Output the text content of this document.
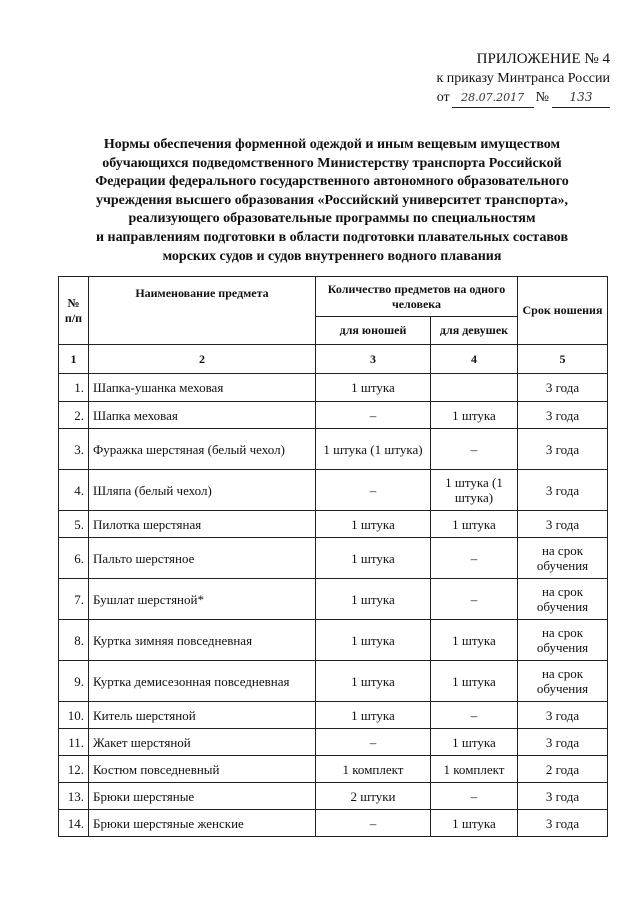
ПРИЛОЖЕНИЕ № 4
к приказу Минтранса России
от	28.07.2017 №	133
Нормы обеспечения форменной одеждой и иным вещевым имуществом
обучающихся подведомственного Министерству транспорта Российской
Федерации федерального государственного автономного образовательного
учреждения высшего образования «Российский университет транспорта»,
реализующего образовательные программы по специальностям
и направлениям подготовки в области подготовки плавательных составов
морских судов и судов внутреннего водного плавания
№ п/п	Наименование предмета	Количество предметов на одного человека		Срок ношения
		для юношей	для девушек	
1	2	3	4	5
1.	Шапка-ушанка меховая	1 штука		3 года
2.	Шапка меховая	–	1 штука	3 года
3.	Фуражка шерстяная (белый чехол)	1 штука (1 штука)	–	3 года
4.	Шляпа (белый чехол)	–	1 штука (1 штука)	3 года
5.	Пилотка шерстяная	1 штука	1 штука	3 года
6.	Пальто шерстяное	1 штука	–	на срок обучения
7.	Бушлат шерстяной*	1 штука	–	на срок обучения
8.	Куртка зимняя повседневная	1 штука	1 штука	на срок обучения
9.	Куртка демисезонная повседневная	1 штука	1 штука	на срок обучения
10.	Китель шерстяной	1 штука	–	3 года
11.	Жакет шерстяной	–	1 штука	3 года
12.	Костюм повседневный	1 комплект	1 комплект	2 года
13.	Брюки шерстяные	2 штуки	–	3 года
14.	Брюки шерстяные женские	–	1 штука	3 года
